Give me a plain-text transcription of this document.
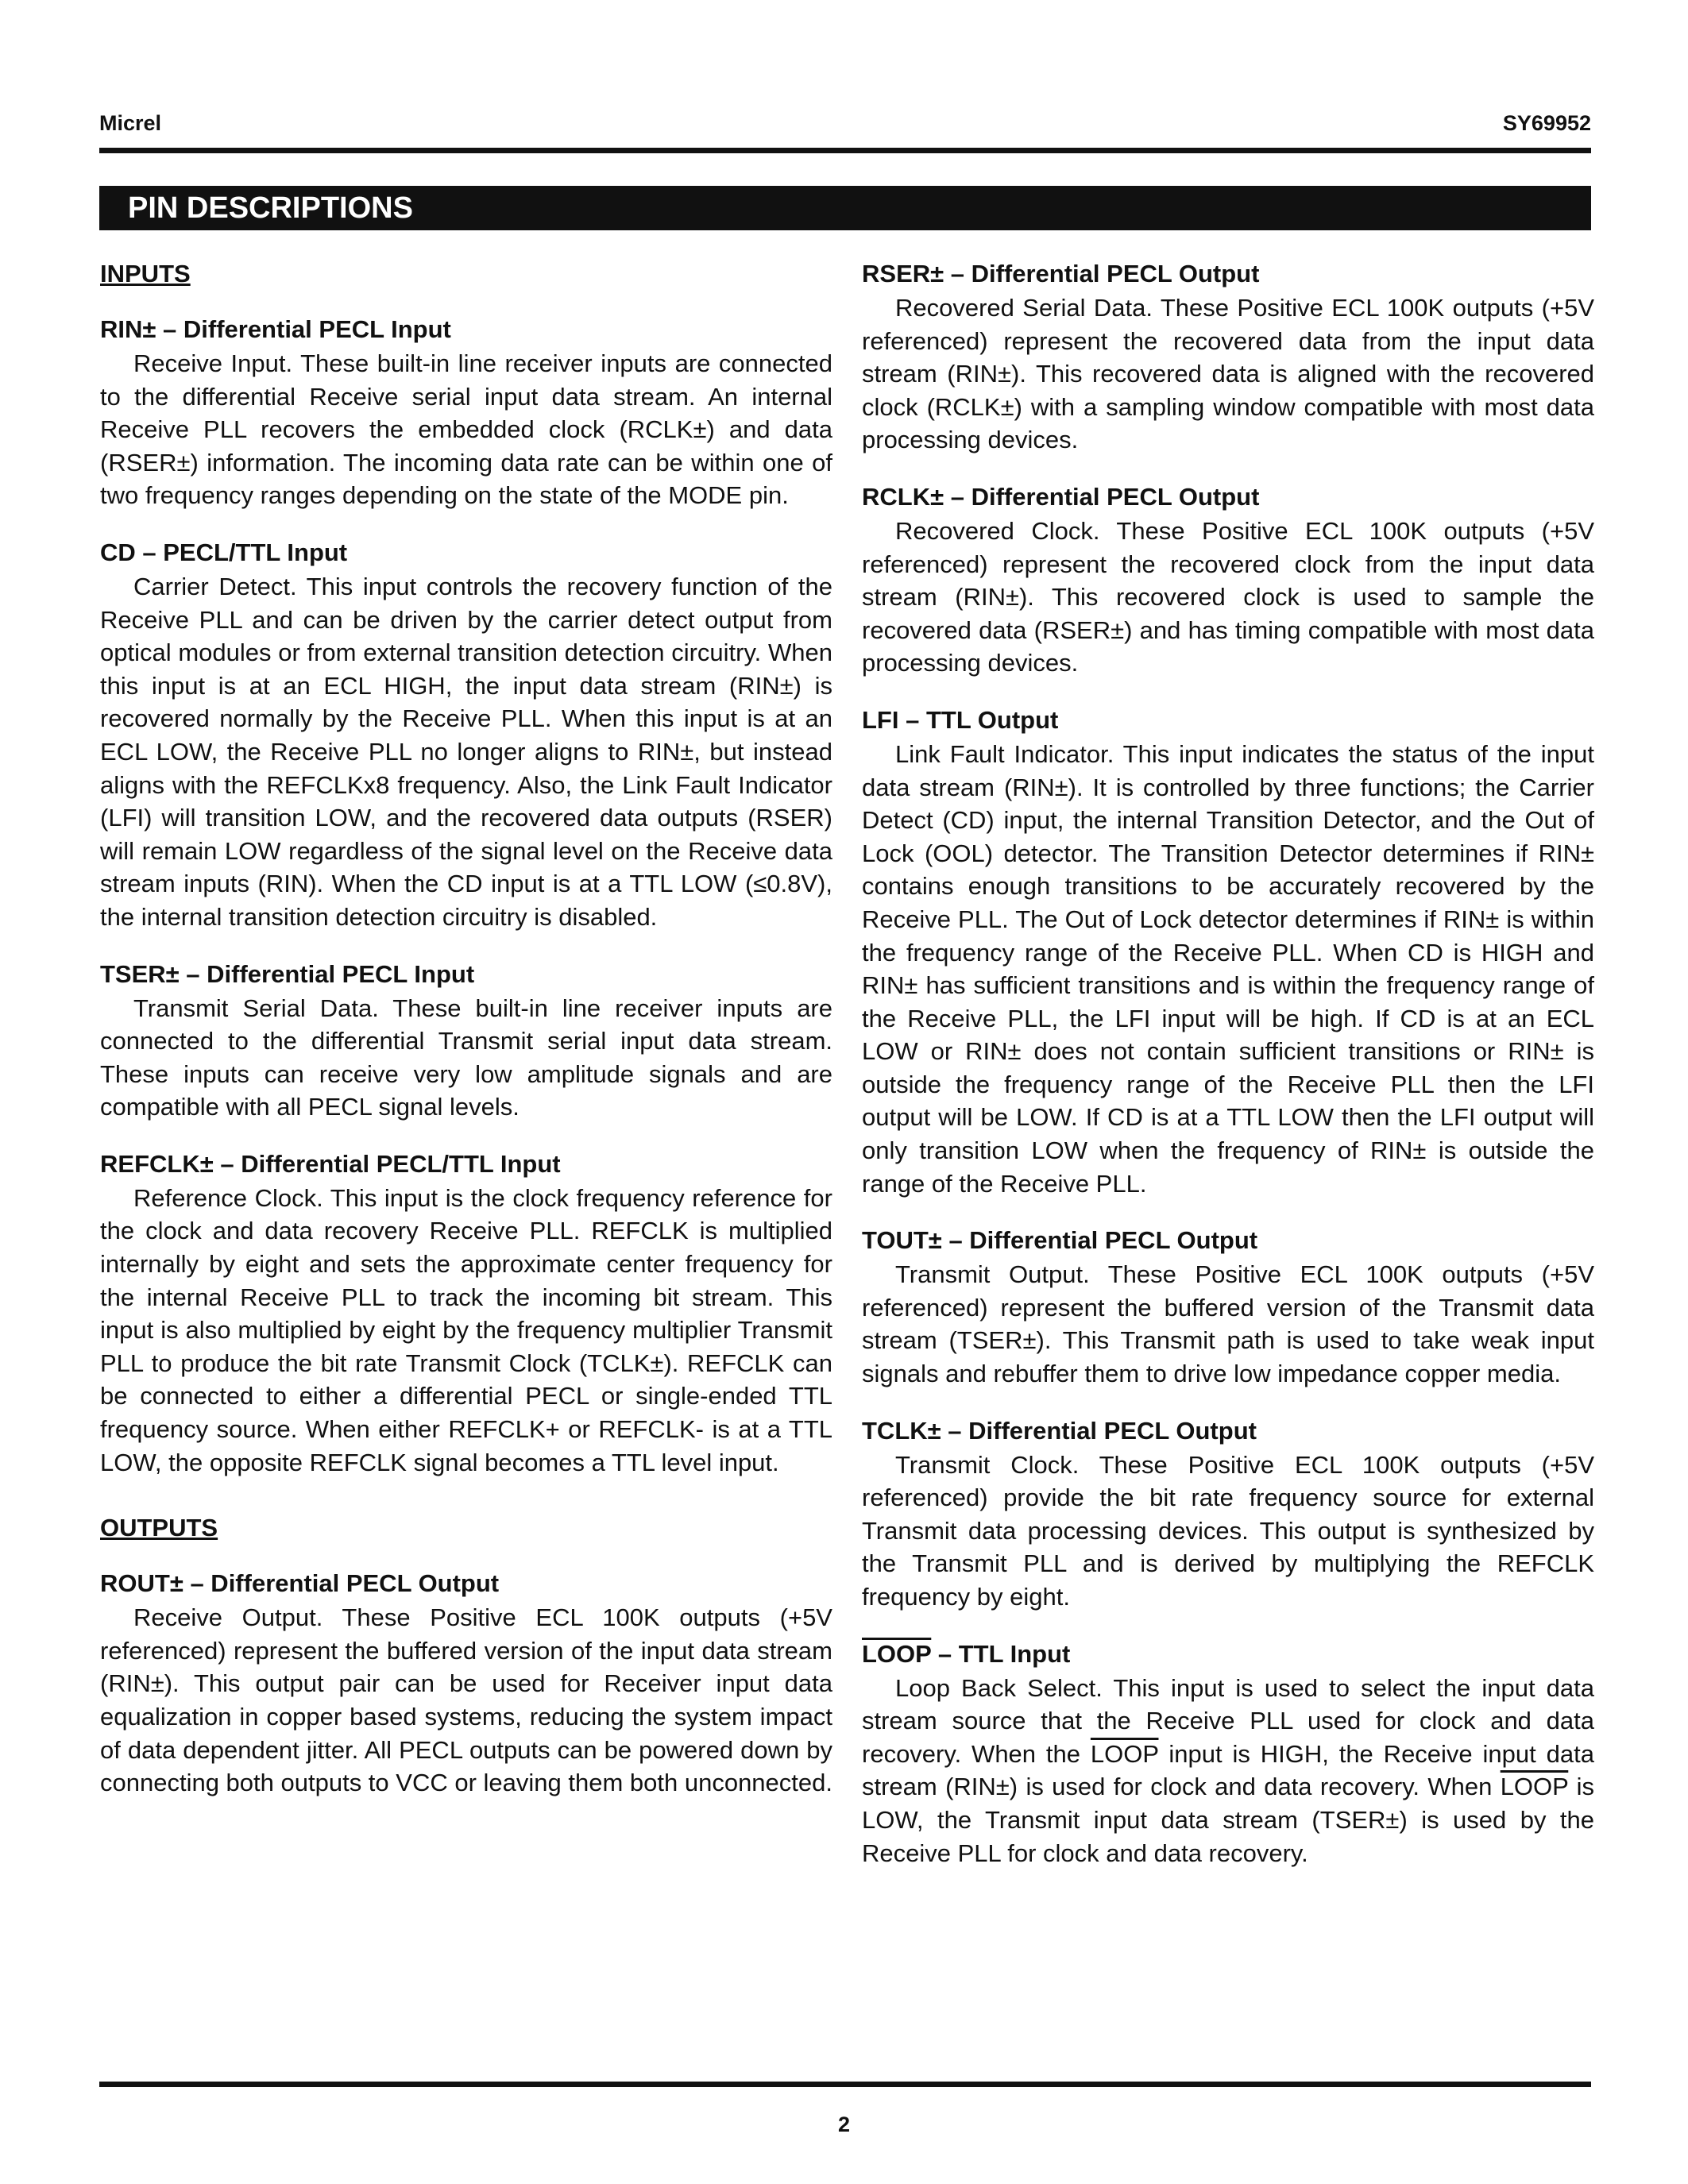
Micrel	SY69952
PIN DESCRIPTIONS
INPUTS
RIN± – Differential PECL Input

Receive Input. These built-in line receiver inputs are connected to the differential Receive serial input data stream. An internal Receive PLL recovers the embedded clock (RCLK±) and data (RSER±) information. The incoming data rate can be within one of two frequency ranges depending on the state of the MODE pin.

CD – PECL/TTL Input

Carrier Detect. This input controls the recovery function of the Receive PLL and can be driven by the carrier detect output from optical modules or from external transition detection circuitry. When this input is at an ECL HIGH, the input data stream (RIN±) is recovered normally by the Receive PLL. When this input is at an ECL LOW, the Receive PLL no longer aligns to RIN±, but instead aligns with the REFCLKx8 frequency. Also, the Link Fault Indicator (LFI) will transition LOW, and the recovered data outputs (RSER) will remain LOW regardless of the signal level on the Receive data stream inputs (RIN). When the CD input is at a TTL LOW (≤0.8V), the internal transition detection circuitry is disabled.

TSER± – Differential PECL Input

Transmit Serial Data. These built-in line receiver inputs are connected to the differential Transmit serial input data stream. These inputs can receive very low amplitude signals and are compatible with all PECL signal levels.

REFCLK± – Differential PECL/TTL Input

Reference Clock. This input is the clock frequency reference for the clock and data recovery Receive PLL. REFCLK is multiplied internally by eight and sets the approximate center frequency for the internal Receive PLL to track the incoming bit stream. This input is also multiplied by eight by the frequency multiplier Transmit PLL to produce the bit rate Transmit Clock (TCLK±). REFCLK can be connected to either a differential PECL or single-ended TTL frequency source. When either REFCLK+ or REFCLK- is at a TTL LOW, the opposite REFCLK signal becomes a TTL level input.

OUTPUTS
ROUT± – Differential PECL Output

Receive Output. These Positive ECL 100K outputs (+5V referenced) represent the buffered version of the input data stream (RIN±). This output pair can be used for Receiver input data equalization in copper based systems, reducing the system impact of data dependent jitter. All PECL outputs can be powered down by connecting both outputs to VCC or leaving them both unconnected.

RSER± – Differential PECL Output

Recovered Serial Data. These Positive ECL 100K outputs (+5V referenced) represent the recovered data from the input data stream (RIN±). This recovered data is aligned with the recovered clock (RCLK±) with a sampling window compatible with most data processing devices.

RCLK± – Differential PECL Output

Recovered Clock. These Positive ECL 100K outputs (+5V referenced) represent the recovered clock from the input data stream (RIN±). This recovered clock is used to sample the recovered data (RSER±) and has timing compatible with most data processing devices.

LFI – TTL Output

Link Fault Indicator. This input indicates the status of the input data stream (RIN±). It is controlled by three functions; the Carrier Detect (CD) input, the internal Transition Detector, and the Out of Lock (OOL) detector. The Transition Detector determines if RIN± contains enough transitions to be accurately recovered by the Receive PLL. The Out of Lock detector determines if RIN± is within the frequency range of the Receive PLL. When CD is HIGH and RIN± has sufficient transitions and is within the frequency range of the Receive PLL, the LFI input will be high. If CD is at an ECL LOW or RIN± does not contain sufficient transitions or RIN± is outside the frequency range of the Receive PLL then the LFI output will be LOW. If CD is at a TTL LOW then the LFI output will only transition LOW when the frequency of RIN± is outside the range of the Receive PLL.

TOUT± – Differential PECL Output

Transmit Output. These Positive ECL 100K outputs (+5V referenced) represent the buffered version of the Transmit data stream (TSER±). This Transmit path is used to take weak input signals and rebuffer them to drive low impedance copper media.

TCLK± – Differential PECL Output

Transmit Clock. These Positive ECL 100K outputs (+5V referenced) provide the bit rate frequency source for external Transmit data processing devices. This output is synthesized by the Transmit PLL and is derived by multiplying the REFCLK frequency by eight.

LOOP – TTL Input

Loop Back Select. This input is used to select the input data stream source that the Receive PLL used for clock and data recovery. When the LOOP input is HIGH, the Receive input data stream (RIN±) is used for clock and data recovery. When LOOP is LOW, the Transmit input data stream (TSER±) is used by the Receive PLL for clock and data recovery.

2
